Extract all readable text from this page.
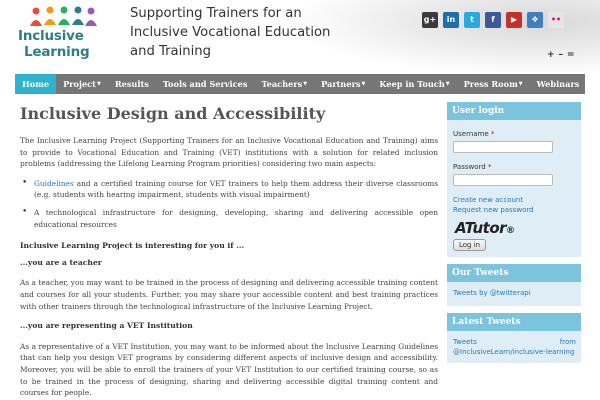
Inclusive
Learning
Supporting Trainers for an
Inclusive Vocational Education
and Training
g+	in	t	f	▶	❖	••
+ – =
Home	Project▼	Results	Tools and Services	Teachers▼	Partners▼	Keep in Touch▼	Press Room▼	Webinars
Inclusive Design and Accessibility

The Inclusive Learning Project (Supporting Trainers for an Inclusive Vocational Education and Training) aims to provide to Vocational Education and Training (VET) institutions with a solution for related inclusion problems (addressing the Lifelong Learning Program priorities) considering two main aspects:

• Guidelines and a certified training course for VET trainers to help them address their diverse classrooms (e.g. students with hearing impairment, students with visual impairment)
• A technological infrastructure for designing, developing, sharing and delivering accessible open educational resources
Inclusive Learning Project is interesting for you if ...
...you are a teacher

As a teacher, you may want to be trained in the process of designing and delivering accessible training content and courses for all your students. Further, you may share your accessible content and best training practices with other trainers through the technological infrastructure of the Inclusive Learning Project.

...you are representing a VET Institution

As a representative of a VET Institution, you may want to be informed about the Inclusive Learning Guidelines that can help you design VET programs by considering different aspects of inclusive design and accessibility. Moreover, you will be able to enroll the trainers of your VET Institution to our certified training course, so as to be trained in the process of designing, sharing and delivering accessible digital training content and courses for people.

User login
Username *
Password *
Create new account
Request new password
ATutor®
Log in
Our Tweets
Tweets by @twitterapi
Latest Tweets
Tweets	from
@InclusiveLearn/inclusive-learning
